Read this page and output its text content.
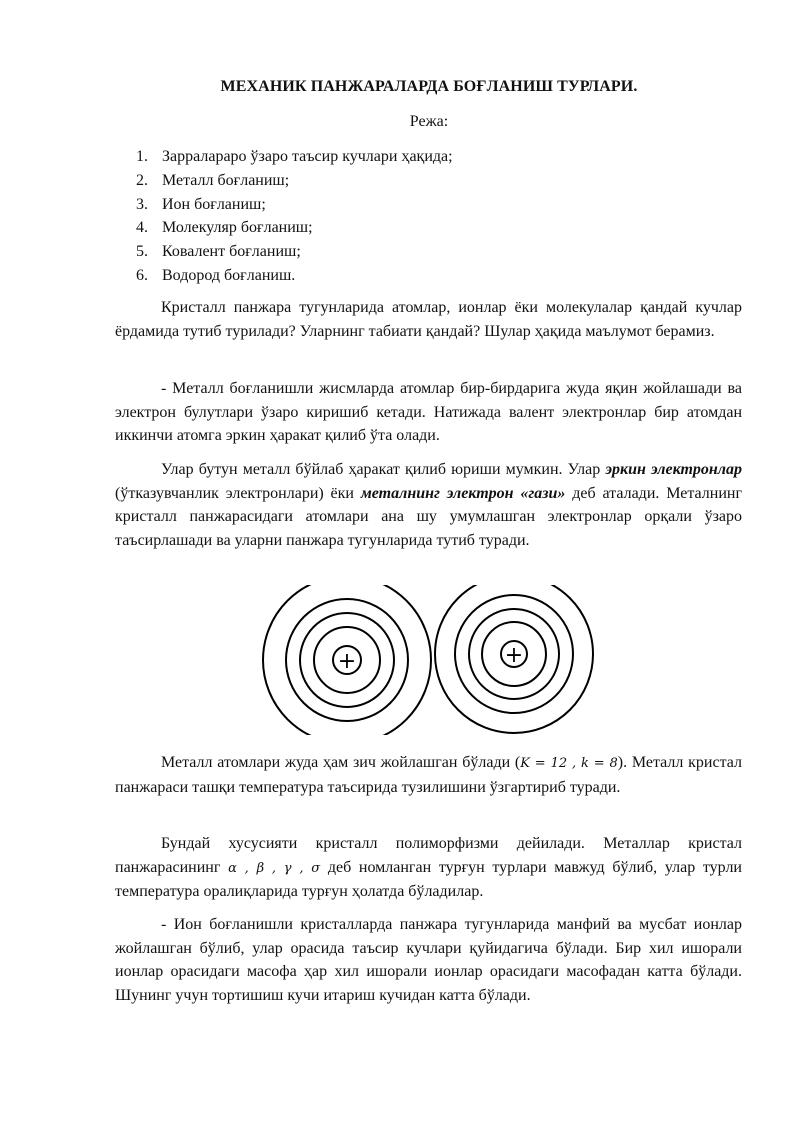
МЕХАНИК ПАНЖАРАЛАРДА БОҒЛАНИШ ТУРЛАРИ.
Режа:
1. Зарралараро ўзаро таъсир кучлари ҳақида;
2. Металл боғланиш;
3. Ион боғланиш;
4. Молекуляр боғланиш;
5. Ковалент боғланиш;
6. Водород боғланиш.

Кристалл панжара тугунларида атомлар, ионлар ёки молекулалар қандай кучлар ёрдамида тутиб турилади? Уларнинг табиати қандай? Шулар ҳақида маълумот берамиз.

- Металл боғланишли жисмларда атомлар бир-бирдарига жуда яқин жойлашади ва электрон булутлари ўзаро киришиб кетади. Натижада валент электронлар бир атомдан иккинчи атомга эркин ҳаракат қилиб ўта олади.

Улар бутун металл бўйлаб ҳаракат қилиб юриши мумкин. Улар эркин электронлар (ўтказувчанлик электронлари) ёки металнинг электрон «гази» деб аталади. Металнинг кристалл панжарасидаги атомлари ана шу умумлашган электронлар орқали ўзаро таъсирлашади ва уларни панжара тугунларида тутиб туради.

+	+

Металл атомлари жуда ҳам зич жойлашган бўлади (K = 12 , k = 8). Металл кристал панжараси ташқи температура таъсирида тузилишини ўзгартириб туради.

Бундай хусусияти кристалл полиморфизми дейилади. Металлар кристал панжарасининг α , β , γ , σ деб номланган турғун турлари мавжуд бўлиб, улар турли температура оралиқларида турғун ҳолатда бўладилар.

- Ион боғланишли кристалларда панжара тугунларида манфий ва мусбат ионлар жойлашган бўлиб, улар орасида таъсир кучлари қуйидагича бўлади. Бир хил ишорали ионлар орасидаги масофа ҳар хил ишорали ионлар орасидаги масофадан катта бўлади. Шунинг учун тортишиш кучи итариш кучидан катта бўлади.
